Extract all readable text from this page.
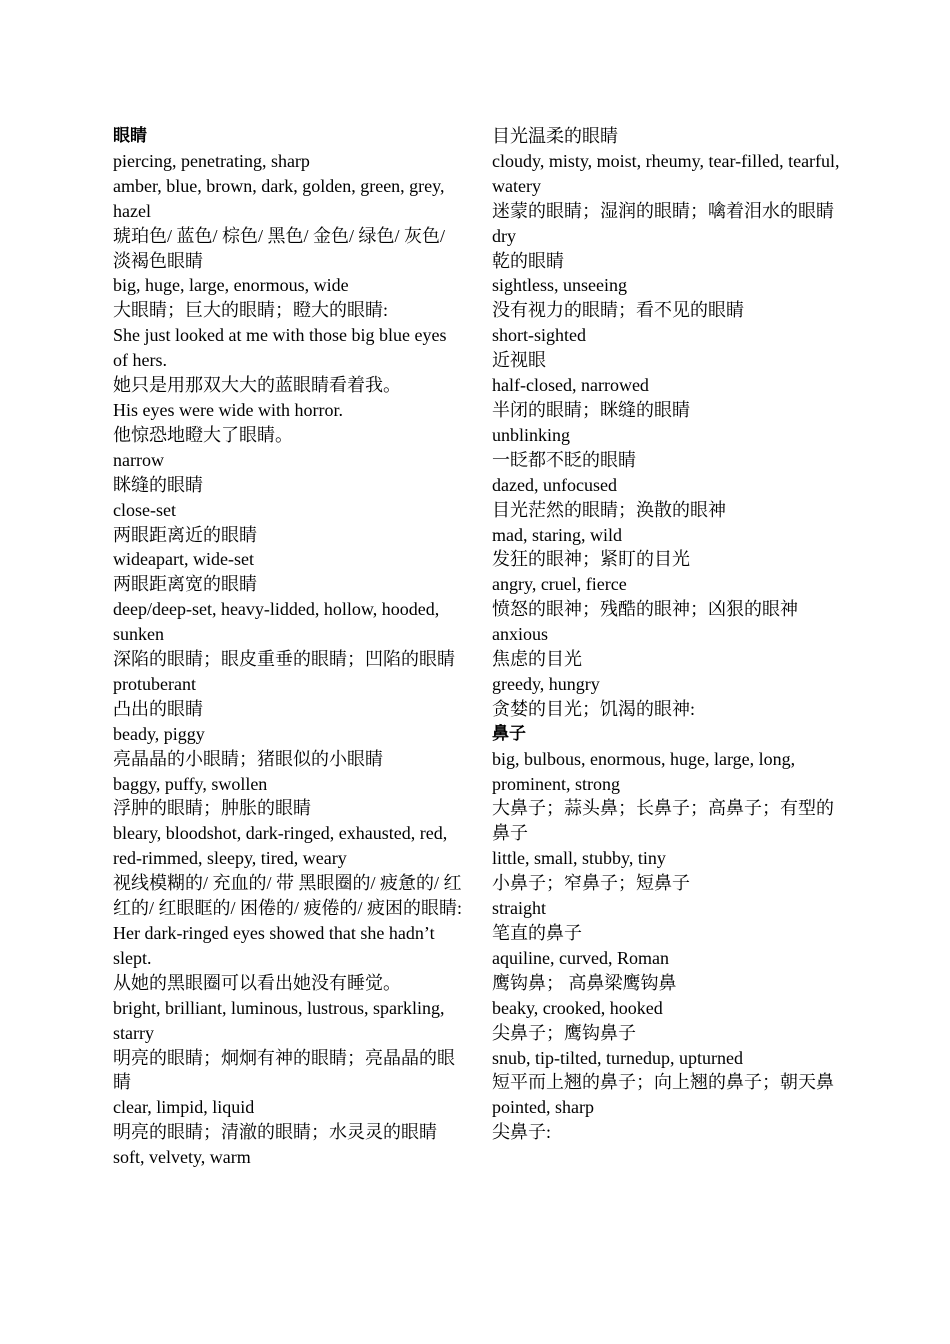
眼睛
piercing, penetrating, sharp
amber, blue, brown, dark, golden, green, grey, hazel
琥珀色/ 蓝色/ 棕色/ 黑色/ 金色/ 绿色/ 灰色/ 淡褐色眼睛
big, huge, large, enormous, wide
大眼睛；巨大的眼睛；瞪大的眼睛:
She just looked at me with those big blue eyes of hers.
她只是用那双大大的蓝眼睛看着我。
His eyes were wide with horror.
他惊恐地瞪大了眼睛。
narrow
眯缝的眼睛
close-set
两眼距离近的眼睛
wideapart, wide-set
两眼距离宽的眼睛
deep/deep-set, heavy-lidded, hollow, hooded, sunken
深陷的眼睛；眼皮重垂的眼睛；凹陷的眼睛
protuberant
凸出的眼睛
beady, piggy
亮晶晶的小眼睛；猪眼似的小眼睛
baggy, puffy, swollen
浮肿的眼睛；肿胀的眼睛
bleary, bloodshot, dark-ringed, exhausted, red, red-rimmed, sleepy, tired, weary
视线模糊的/ 充血的/ 带 黑眼圈的/ 疲惫的/ 红红的/ 红眼眶的/ 困倦的/ 疲倦的/ 疲困的眼睛:
Her dark-ringed eyes showed that she hadn’t slept.
从她的黑眼圈可以看出她没有睡觉。
bright, brilliant, luminous, lustrous, sparkling, starry
明亮的眼睛；炯炯有神的眼睛；亮晶晶的眼睛
clear, limpid, liquid
明亮的眼睛；清澈的眼睛；水灵灵的眼睛
soft, velvety, warm
目光温柔的眼睛
cloudy, misty, moist, rheumy, tear-filled, tearful, watery
迷蒙的眼睛；湿润的眼睛；噙着泪水的眼睛
dry
乾的眼睛
sightless, unseeing
没有视力的眼睛；看不见的眼睛
short-sighted
近视眼
half-closed, narrowed
半闭的眼睛；眯缝的眼睛
unblinking
一眨都不眨的眼睛
dazed, unfocused
目光茫然的眼睛；涣散的眼神
mad, staring, wild
发狂的眼神；紧盯的目光
angry, cruel, fierce
愤怒的眼神；残酷的眼神；凶狠的眼神
anxious
焦虑的目光
greedy, hungry
贪婪的目光；饥渴的眼神:
鼻子
big, bulbous, enormous, huge, large, long, prominent, strong
大鼻子；蒜头鼻；长鼻子；高鼻子；有型的鼻子
little, small, stubby, tiny
小鼻子；窄鼻子；短鼻子
straight
笔直的鼻子
aquiline, curved, Roman
鹰钩鼻； 高鼻梁鹰钩鼻
beaky, crooked, hooked
尖鼻子；鹰钩鼻子
snub, tip-tilted, turnedup, upturned
短平而上翘的鼻子；向上翘的鼻子；朝天鼻
pointed, sharp
尖鼻子:
